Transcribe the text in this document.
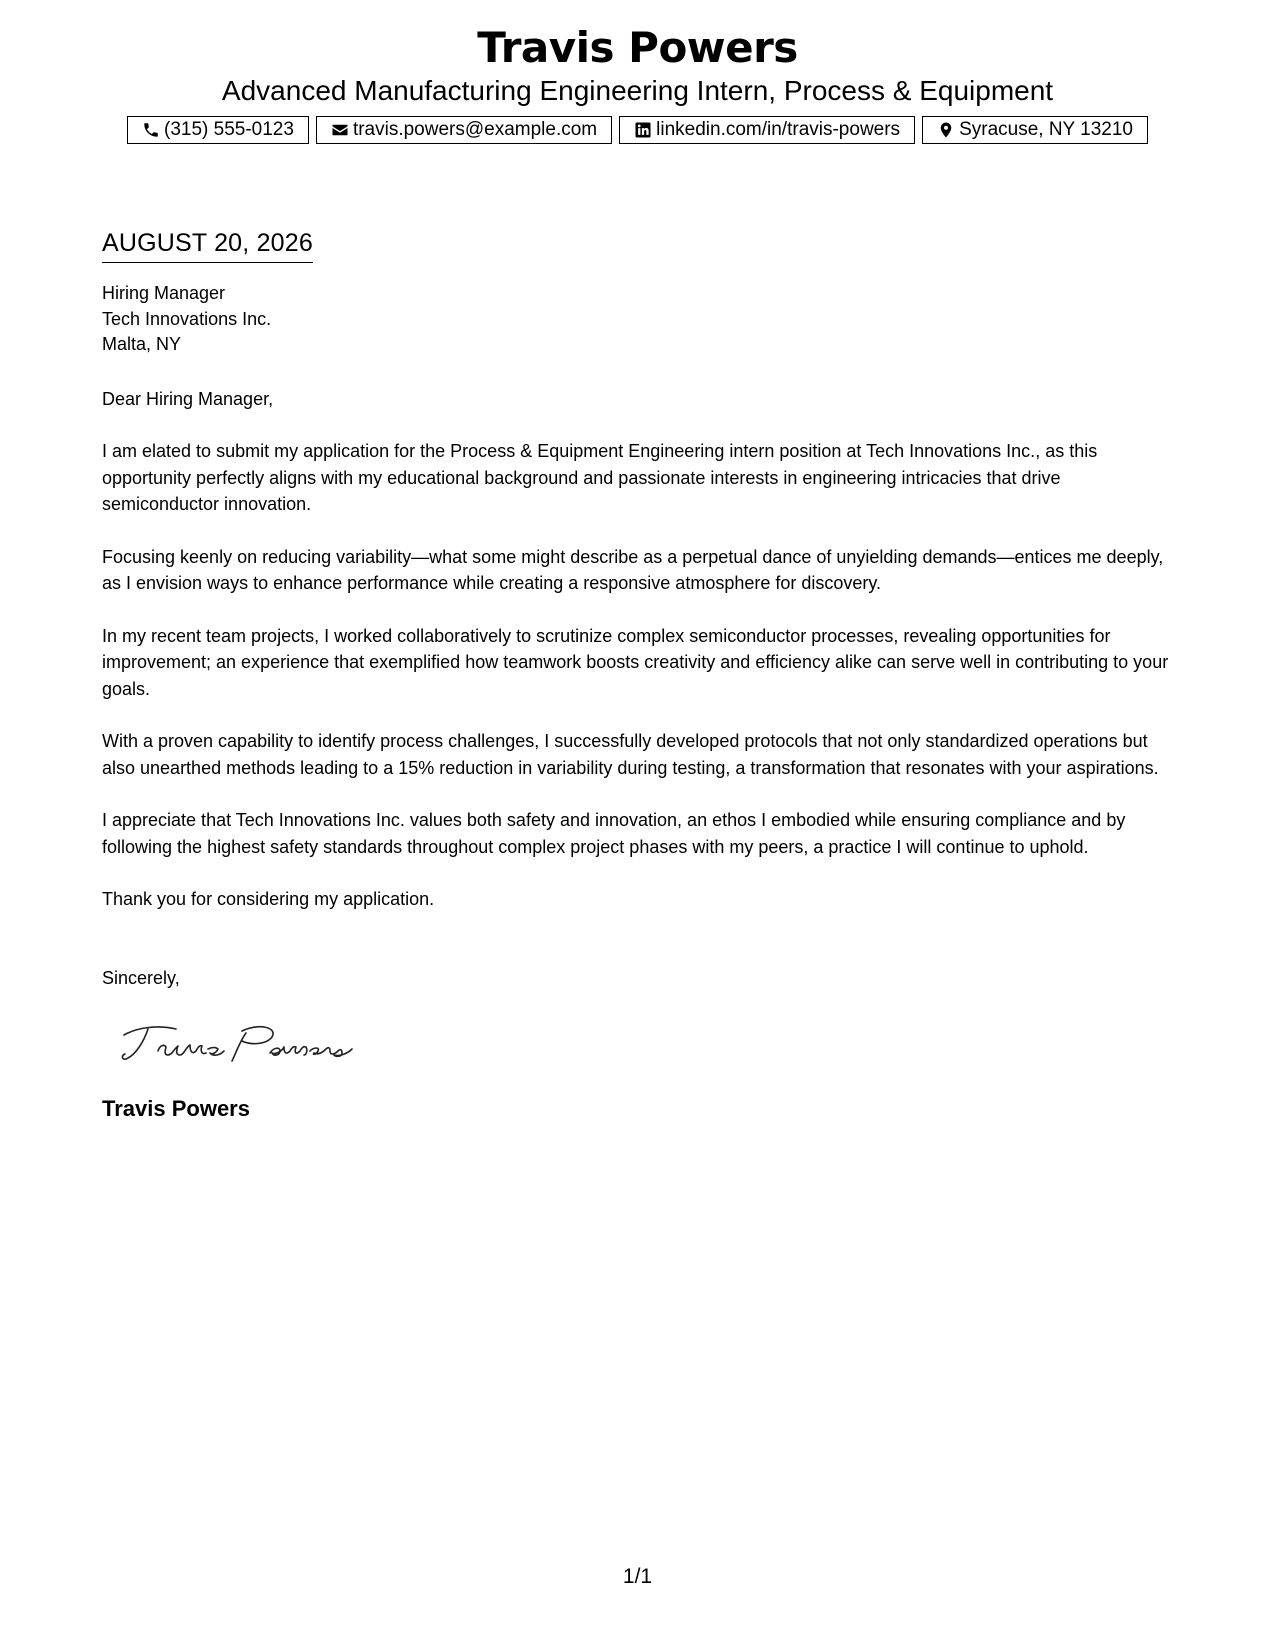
Travis Powers
Advanced Manufacturing Engineering Intern, Process & Equipment
(315) 555-0123	travis.powers@example.com	linkedin.com/in/travis-powers	Syracuse, NY 13210
AUGUST 20, 2026
Hiring Manager
Tech Innovations Inc.
Malta, NY

Dear Hiring Manager,

I am elated to submit my application for the Process & Equipment Engineering intern position at Tech Innovations Inc., as this opportunity perfectly aligns with my educational background and passionate interests in engineering intricacies that drive semiconductor innovation.

Focusing keenly on reducing variability—what some might describe as a perpetual dance of unyielding demands—entices me deeply, as I envision ways to enhance performance while creating a responsive atmosphere for discovery.

In my recent team projects, I worked collaboratively to scrutinize complex semiconductor processes, revealing opportunities for improvement; an experience that exemplified how teamwork boosts creativity and efficiency alike can serve well in contributing to your goals.

With a proven capability to identify process challenges, I successfully developed protocols that not only standardized operations but also unearthed methods leading to a 15% reduction in variability during testing, a transformation that resonates with your aspirations.

I appreciate that Tech Innovations Inc. values both safety and innovation, an ethos I embodied while ensuring compliance and by following the highest safety standards throughout complex project phases with my peers, a practice I will continue to uphold.

Thank you for considering my application.

Sincerely,

Travis Powers
1/1
